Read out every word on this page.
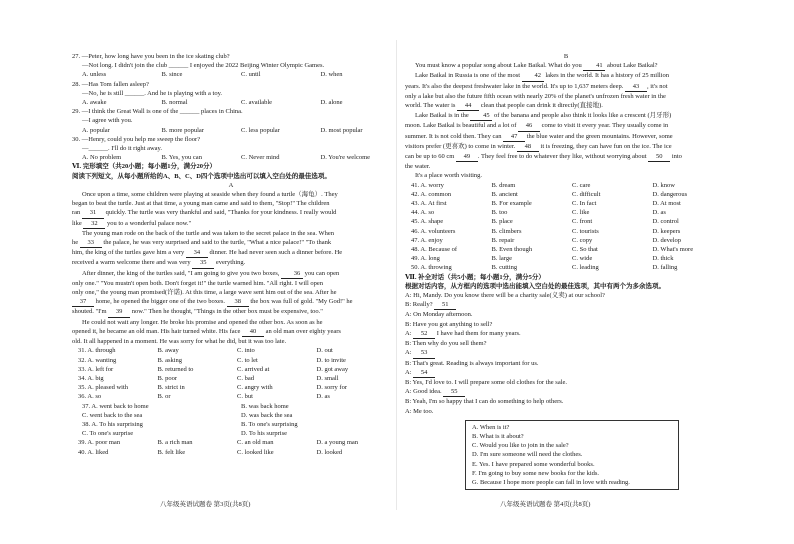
27. —Peter, how long have you been in the ice skating club?
—Not long. I didn't join the club ______ I enjoyed the 2022 Beijing Winter Olympic Games.
A. unless	B. since	C. until	D. when
28. —Has Tom fallen asleep?
—No, he is still ______. And he is playing with a toy.
A. awake	B. normal	C. available	D. alone
29. —I think the Great Wall is one of the ______ places in China.
—I agree with you.
A. popular	B. more popular	C. less popular	D. most popular
30. —Henry, could you help me sweep the floor?
—______. I'll do it right away.
A. No problem	B. Yes, you can	C. Never mind	D. You're welcome
Ⅵ. 完形填空（共20小题；每小题1分，满分20分）
阅读下列短文，从每小题所给的A、B、C、D四个选项中选出可以填入空白处的最佳选项。
A
Once upon a time, some children were playing at seaside when they found a turtle（海龟）. They
began to beat the turtle. Just at that time, a young man came and said to them, "Stop!" The children
ran 31 quickly. The turtle was very thankful and said, "Thanks for your kindness. I really would
like 32 you to a wonderful palace now."
The young man rode on the back of the turtle and was taken to the secret palace in the sea. When
he 33 the palace, he was very surprised and said to the turtle, "What a nice palace!" "To thank
him, the king of the turtles gave him a very 34 dinner. He had never seen such a dinner before. He
received a warm welcome there and was very 35 everything.
After dinner, the king of the turtles said, "I am going to give you two boxes, 36 you can open
only one." "You mustn't open both. Don't forget it!" the turtle warned him. "All right. I will open
only one," the young man promised(许诺). At this time, a large wave sent him out of the sea. After he
37 home, he opened the bigger one of the two boxes. 38 the box was full of gold. "My God!" he
shouted. "I'm 39 now." Then he thought, "Things in the other box must be expensive, too."
He could not wait any longer. He broke his promise and opened the other box. As soon as he
opened it, he became an old man. His hair turned white. His face 40 an old man over eighty years
old. It all happened in a moment. He was sorry for what he did, but it was too late.
31. A. through	B. away	C. into	D. out
32. A. wanting	B. asking	C. to let	D. to invite
33. A. left for	B. returned to	C. arrived at	D. got away
34. A. big	B. poor	C. bad	D. small
35. A. pleased with	B. strict in	C. angry with	D. sorry for
36. A. so	B. or	C. but	D. as
37. A. went back to home	B. was back home
C. went back to the sea	D. was back the sea
38. A. To his surprising	B. To one's surprising
C. To one's surprise	D. To his surprise
39. A. poor man	B. a rich man	C. an old man	D. a young man
40. A. liked	B. felt like	C. looked like	D. looked
八年级英语试题卷 第3页(共8页)
B
You must know a popular song about Lake Baikal. What do you 41 about Lake Baikal?
Lake Baikal in Russia is one of the most 42 lakes in the world. It has a history of 25 million
years. It's also the deepest freshwater lake in the world. It's up to 1,637 meters deep. 43 , it's not
only a lake but also the future fifth ocean with nearly 20% of the planet's unfrozen fresh water in the
world. The water is 44 clean that people can drink it directly(直接地).
Lake Baikal is in the 45 of the banana and people also think it looks like a crescent (月牙形)
moon. Lake Baikal is beautiful and a lot of 46 come to visit it every year. They usually come in
summer. It is not cold then. They can 47 the blue water and the green mountains. However, some
visitors prefer (更喜欢) to come in winter. 48 it is freezing, they can have fun on the ice. The ice
can be up to 60 cm 49 . They feel free to do whatever they like, without worrying about 50 into
the water.
It's a place worth visiting.
41. A. worry	B. dream	C. care	D. know
42. A. common	B. ancient	C. difficult	D. dangerous
43. A. At first	B. For example	C. In fact	D. At most
44. A. so	B. too	C. like	D. as
45. A. shape	B. place	C. front	D. control
46. A. volunteers	B. climbers	C. tourists	D. keepers
47. A. enjoy	B. repair	C. copy	D. develop
48. A. Because of	B. Even though	C. So that	D. What's more
49. A. long	B. large	C. wide	D. thick
50. A. throwing	B. cutting	C. leading	D. falling
Ⅶ. 补全对话（共5小题；每小题1分，满分5分）
根据对话内容，从方框内的选项中选出能填入空白处的最佳选项，其中有两个为多余选项。
A: Hi, Mandy. Do you know there will be a charity sale(义卖) at our school?
B: Really? 51
A: On Monday afternoon.
B: Have you got anything to sell?
A: 52 I have had them for many years.
B: Then why do you sell them?
A: 53
B: That's great. Reading is always important for us.
A: 54
B: Yes, I'd love to. I will prepare some old clothes for the sale.
A: Good idea. 55
B: Yeah, I'm so happy that I can do something to help others.
A: Me too.
A. When is it?
B. What is it about?
C. Would you like to join in the sale?
D. I'm sure someone will need the clothes.
E. Yes. I have prepared some wonderful books.
F. I'm going to buy some new books for the kids.
G. Because I hope more people can fall in love with reading.
八年级英语试题卷 第4页(共8页)
